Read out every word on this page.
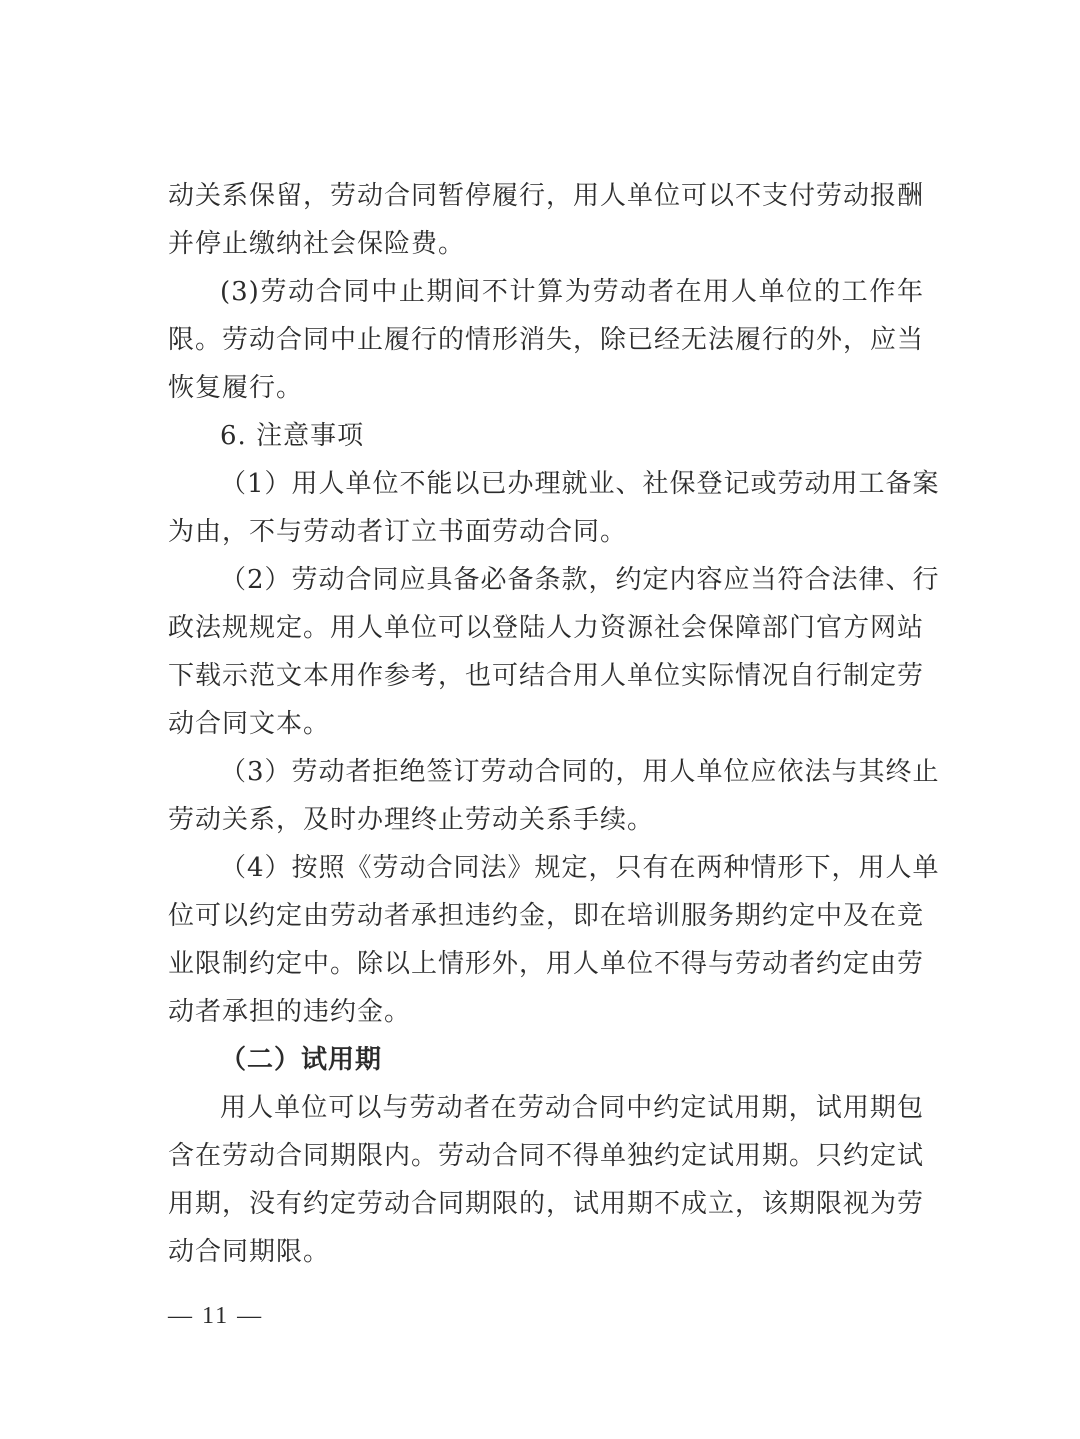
动关系保留，劳动合同暂停履行，用人单位可以不支付劳动报酬
并停止缴纳社会保险费。
(3)劳动合同中止期间不计算为劳动者在用人单位的工作年
限。劳动合同中止履行的情形消失，除已经无法履行的外，应当
恢复履行。
6. 注意事项
（1）用人单位不能以已办理就业、社保登记或劳动用工备案
为由，不与劳动者订立书面劳动合同。
（2）劳动合同应具备必备条款，约定内容应当符合法律、行
政法规规定。用人单位可以登陆人力资源社会保障部门官方网站
下载示范文本用作参考，也可结合用人单位实际情况自行制定劳
动合同文本。
（3）劳动者拒绝签订劳动合同的，用人单位应依法与其终止
劳动关系，及时办理终止劳动关系手续。
（4）按照《劳动合同法》规定，只有在两种情形下，用人单
位可以约定由劳动者承担违约金，即在培训服务期约定中及在竞
业限制约定中。除以上情形外，用人单位不得与劳动者约定由劳
动者承担的违约金。
（二）试用期
用人单位可以与劳动者在劳动合同中约定试用期，试用期包
含在劳动合同期限内。劳动合同不得单独约定试用期。只约定试
用期，没有约定劳动合同期限的，试用期不成立，该期限视为劳
动合同期限。
— 11 —
